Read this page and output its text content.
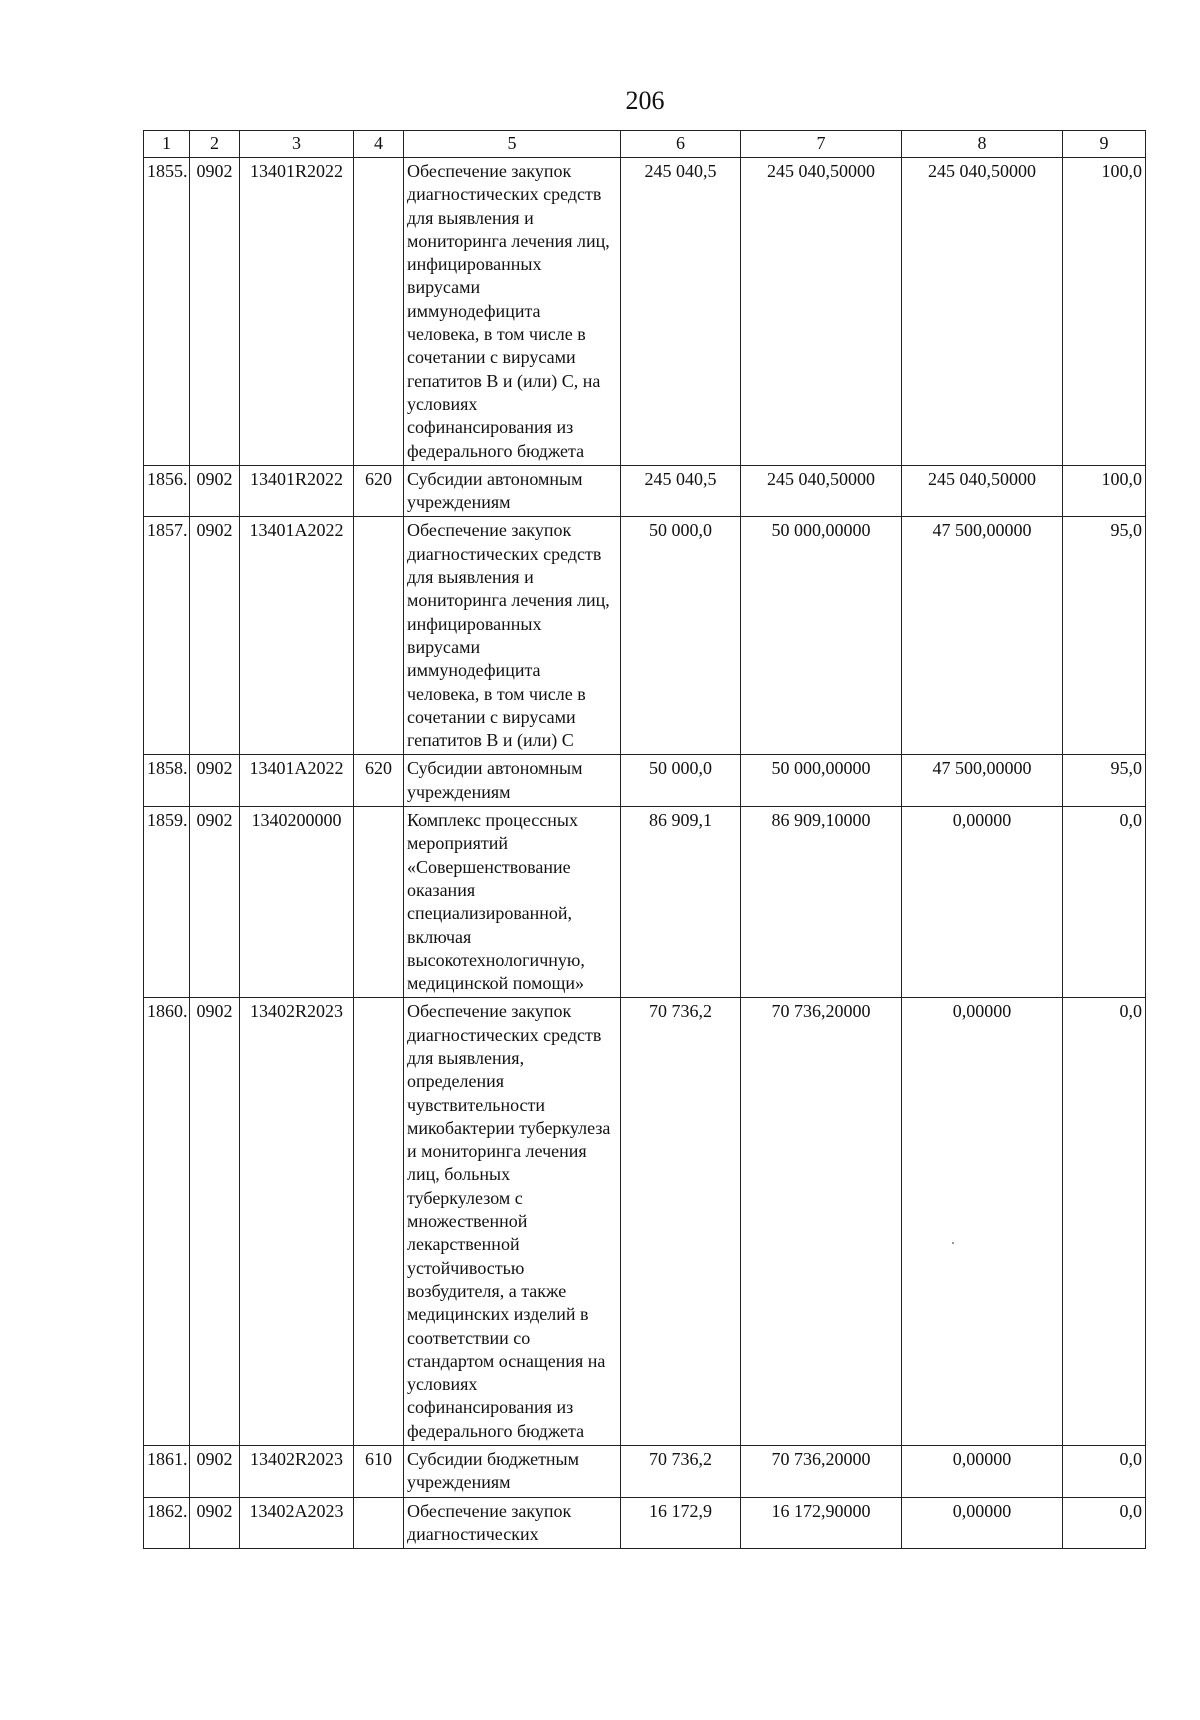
206
1	2	3	4	5	6	7	8	9
1855.	0902	13401R2022		Обеспечение закупок диагностических средств для выявления и мониторинга лечения лиц, инфицированных вирусами иммунодефицита человека, в том числе в сочетании с вирусами гепатитов В и (или) С, на условиях софинансирования из федерального бюджета	245 040,5	245 040,50000	245 040,50000	100,0
1856.	0902	13401R2022	620	Субсидии автономным учреждениям	245 040,5	245 040,50000	245 040,50000	100,0
1857.	0902	13401A2022		Обеспечение закупок диагностических средств для выявления и мониторинга лечения лиц, инфицированных вирусами иммунодефицита человека, в том числе в сочетании с вирусами гепатитов В и (или) С	50 000,0	50 000,00000	47 500,00000	95,0
1858.	0902	13401A2022	620	Субсидии автономным учреждениям	50 000,0	50 000,00000	47 500,00000	95,0
1859.	0902	1340200000		Комплекс процессных мероприятий «Совершенствование оказания специализированной, включая высокотехнологичную, медицинской помощи»	86 909,1	86 909,10000	0,00000	0,0
1860.	0902	13402R2023		Обеспечение закупок диагностических средств для выявления, определения чувствительности микобактерии туберкулеза и мониторинга лечения лиц, больных туберкулезом с множественной лекарственной устойчивостью возбудителя, а также медицинских изделий в соответствии со стандартом оснащения на условиях софинансирования из федерального бюджета	70 736,2	70 736,20000	0,00000	0,0
1861.	0902	13402R2023	610	Субсидии бюджетным учреждениям	70 736,2	70 736,20000	0,00000	0,0
1862.	0902	13402A2023		Обеспечение закупок диагностических	16 172,9	16 172,90000	0,00000	0,0
